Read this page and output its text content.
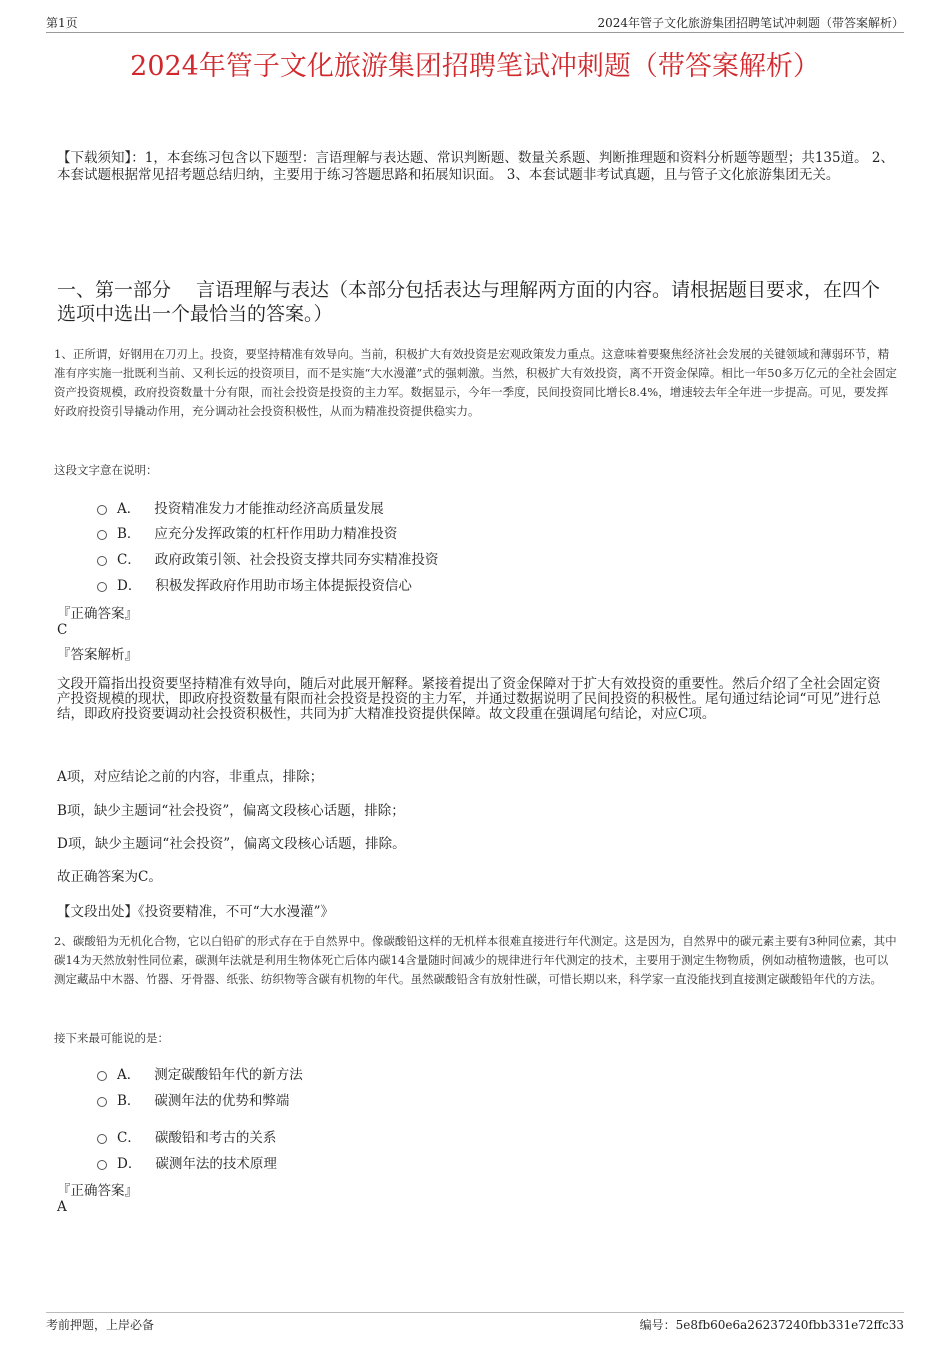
第1页	2024年管子文化旅游集团招聘笔试冲刺题（带答案解析）
2024年管子文化旅游集团招聘笔试冲刺题（带答案解析）
【下载须知】：1，本套练习包含以下题型：言语理解与表达题、常识判断题、数量关系题、判断推理题和资料分析题等题型；共135道。 2、本套试题根据常见招考题总结归纳，主要用于练习答题思路和拓展知识面。 3、本套试题非考试真题，且与管子文化旅游集团无关。
一、第一部分　 言语理解与表达（本部分包括表达与理解两方面的内容。请根据题目要求，在四个选项中选出一个最恰当的答案。）
1、正所谓，好钢用在刀刃上。投资，要坚持精准有效导向。当前，积极扩大有效投资是宏观政策发力重点。这意味着要聚焦经济社会发展的关键领域和薄弱环节，精准有序实施一批既利当前、又利长远的投资项目，而不是实施“大水漫灌”式的强刺激。当然，积极扩大有效投资，离不开资金保障。相比一年50多万亿元的全社会固定资产投资规模，政府投资数量十分有限，而社会投资是投资的主力军。数据显示，今年一季度，民间投资同比增长8.4%，增速较去年全年进一步提高。可见，要发挥好政府投资引导撬动作用，充分调动社会投资积极性，从而为精准投资提供稳实力。
这段文字意在说明：
A． 投资精准发力才能推动经济高质量发展
B． 应充分发挥政策的杠杆作用助力精准投资
C． 政府政策引领、社会投资支撑共同夯实精准投资
D． 积极发挥政府作用助市场主体提振投资信心
『正确答案』
C
『答案解析』
文段开篇指出投资要坚持精准有效导向，随后对此展开解释。紧接着提出了资金保障对于扩大有效投资的重要性。然后介绍了全社会固定资产投资规模的现状，即政府投资数量有限而社会投资是投资的主力军，并通过数据说明了民间投资的积极性。尾句通过结论词“可见”进行总结，即政府投资要调动社会投资积极性，共同为扩大精准投资提供保障。故文段重在强调尾句结论，对应C项。
A项，对应结论之前的内容，非重点，排除；
B项，缺少主题词“社会投资”，偏离文段核心话题，排除；
D项，缺少主题词“社会投资”，偏离文段核心话题，排除。
故正确答案为C。
【文段出处】《投资要精准，不可“大水漫灌”》
2、碳酸铅为无机化合物，它以白铅矿的形式存在于自然界中。像碳酸铅这样的无机样本很难直接进行年代测定。这是因为，自然界中的碳元素主要有3种同位素，其中碳14为天然放射性同位素，碳测年法就是利用生物体死亡后体内碳14含量随时间减少的规律进行年代测定的技术，主要用于测定生物物质，例如动植物遗骸，也可以测定藏品中木器、竹器、牙骨器、纸张、纺织物等含碳有机物的年代。虽然碳酸铅含有放射性碳，可惜长期以来，科学家一直没能找到直接测定碳酸铅年代的方法。
接下来最可能说的是：
A． 测定碳酸铅年代的新方法
B． 碳测年法的优势和弊端
C． 碳酸铅和考古的关系
D． 碳测年法的技术原理
『正确答案』
A
考前押题，上岸必备	编号：5e8fb60e6a26237240fbb331e72ffc33
